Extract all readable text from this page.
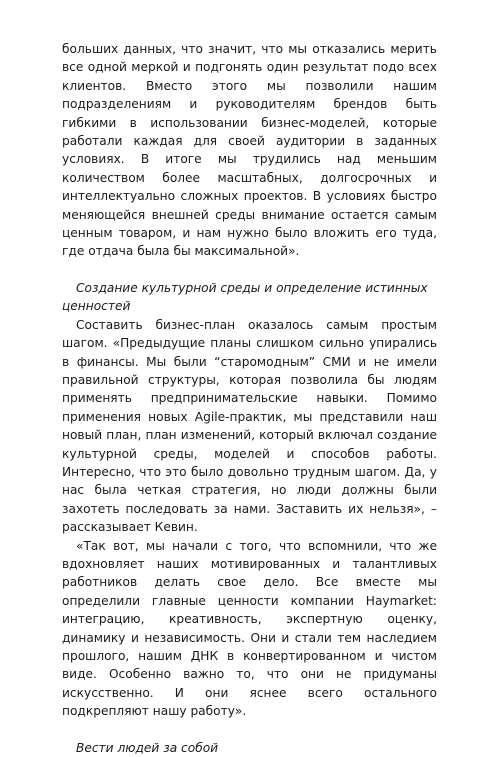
больших данных, что значит, что мы отказались мерить все одной меркой и подгонять один результат подо всех клиентов. Вместо этого мы позволили нашим подразделениям и руководителям брендов быть гибкими в использовании бизнес-моделей, которые работали каждая для своей аудитории в заданных условиях. В итоге мы трудились над меньшим количеством более масштабных, долгосрочных и интеллектуально сложных проектов. В условиях быстро меняющейся внешней среды внимание остается самым ценным товаром, и нам нужно было вложить его туда, где отдача была бы максимальной».

Создание культурной среды и определение истинных ценностей

Составить бизнес-план оказалось самым простым шагом. «Предыдущие планы слишком сильно упирались в финансы. Мы были “старомодным” СМИ и не имели правильной структуры, которая позволила бы людям применять предпринимательские навыки. Помимо применения новых Agile-практик, мы представили наш новый план, план изменений, который включал создание культурной среды, моделей и способов работы. Интересно, что это было довольно трудным шагом. Да, у нас была четкая стратегия, но люди должны были захотеть последовать за нами. Заставить их нельзя», – рассказывает Кевин.

«Так вот, мы начали с того, что вспомнили, что же вдохновляет наших мотивированных и талантливых работников делать свое дело. Все вместе мы определили главные ценности компании Haymarket: интеграцию, креативность, экспертную оценку, динамику и независимость. Они и стали тем наследием прошлого, нашим ДНК в конвертированном и чистом виде. Особенно важно то, что они не придуманы искусственно. И они яснее всего остального подкрепляют нашу работу».

Вести людей за собой
